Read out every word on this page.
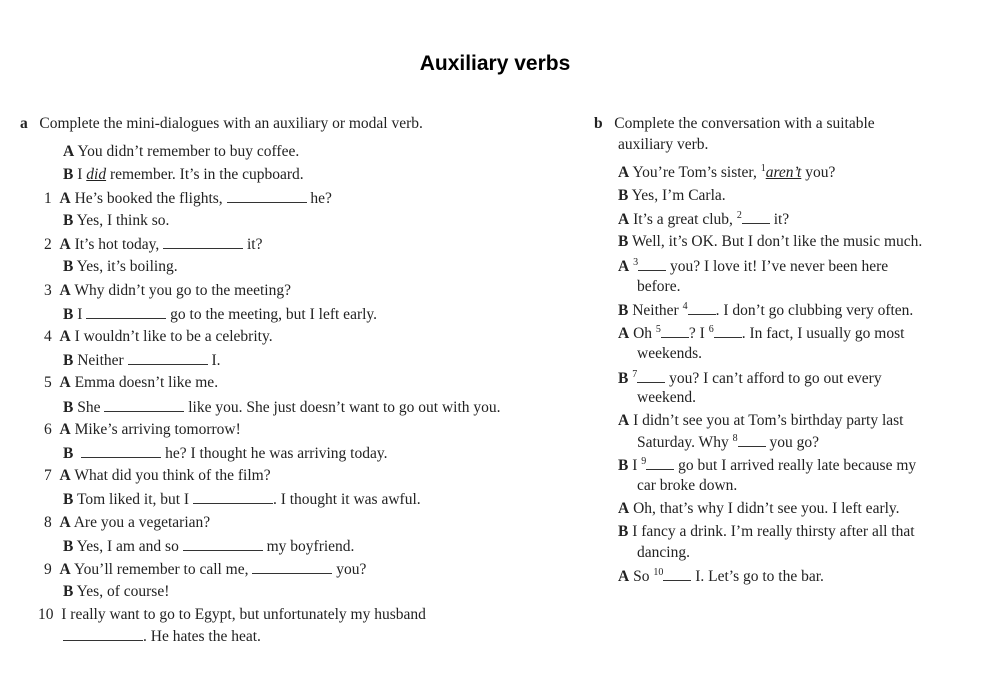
Auxiliary verbs
a Complete the mini-dialogues with an auxiliary or modal verb.
A You didn’t remember to buy coffee.
B I did remember. It’s in the cupboard.
1 A He’s booked the flights,	he?
B Yes, I think so.
2 A It’s hot today,	it?
B Yes, it’s boiling.
3 A Why didn’t you go to the meeting?
B I	go to the meeting, but I left early.
4 A I wouldn’t like to be a celebrity.
B Neither	I.
5 A Emma doesn’t like me.
B She	like you. She just doesn’t want to go out with you.
6 A Mike’s arriving tomorrow!
B	he? I thought he was arriving today.
7 A What did you think of the film?
B Tom liked it, but I	. I thought it was awful.
8 A Are you a vegetarian?
B Yes, I am and so	my boyfriend.
9 A You’ll remember to call me,	you?
B Yes, of course!
10 I really want to go to Egypt, but unfortunately my husband
. He hates the heat.
b Complete the conversation with a suitable
auxiliary verb.
A You’re Tom’s sister, $^1$aren’t you?
B Yes, I’m Carla.
A It’s a great club, $^2$ it?
B Well, it’s OK. But I don’t like the music much.
A $^3$ you? I love it! I’ve never been here
before.
B Neither $^4$ . I don’t go clubbing very often.
A Oh $^5$ ? I $^6$ . In fact, I usually go most
weekends.
B $^7$ you? I can’t afford to go out every
weekend.
A I didn’t see you at Tom’s birthday party last
Saturday. Why $^8$ you go?
B I $^9$ go but I arrived really late because my
car broke down.
A Oh, that’s why I didn’t see you. I left early.
B I fancy a drink. I’m really thirsty after all that
dancing.
A So $^{10}$ I. Let’s go to the bar.
